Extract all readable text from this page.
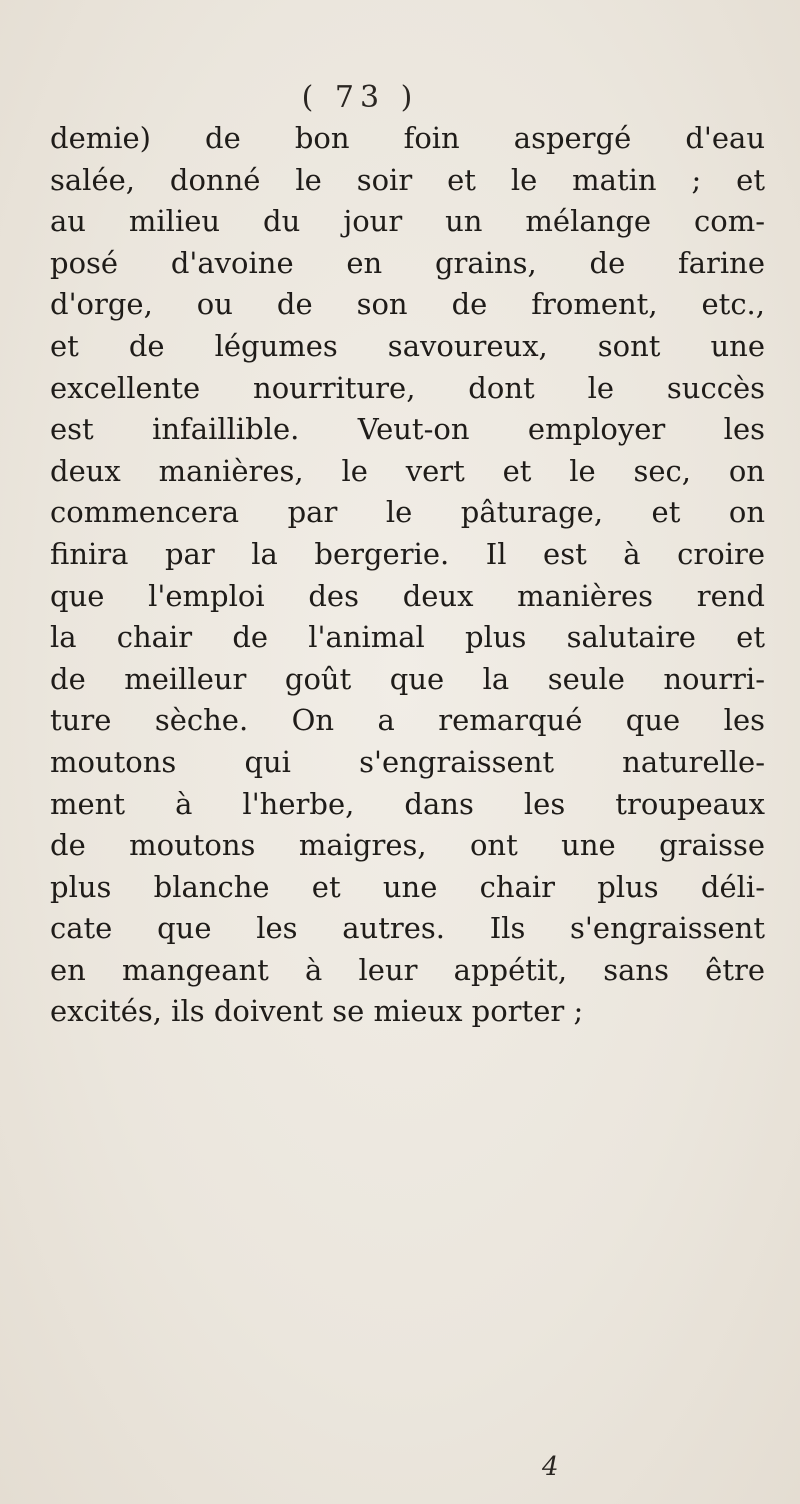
( 73 )
demie) de bon foin aspergé d'eau
salée, donné le soir et le matin ; et
au milieu du jour un mélange com-
posé d'avoine en grains, de farine
d'orge, ou de son de froment, etc.,
et de légumes savoureux, sont une
excellente nourriture, dont le succès
est infaillible. Veut-on employer les
deux manières, le vert et le sec, on
commencera par le pâturage, et on
finira par la bergerie. Il est à croire
que l'emploi des deux manières rend
la chair de l'animal plus salutaire et
de meilleur goût que la seule nourri-
ture sèche. On a remarqué que les
moutons qui s'engraissent naturelle-
ment à l'herbe, dans les troupeaux
de moutons maigres, ont une graisse
plus blanche et une chair plus déli-
cate que les autres. Ils s'engraissent
en mangeant à leur appétit, sans être
excités, ils doivent se mieux porter ;
4
